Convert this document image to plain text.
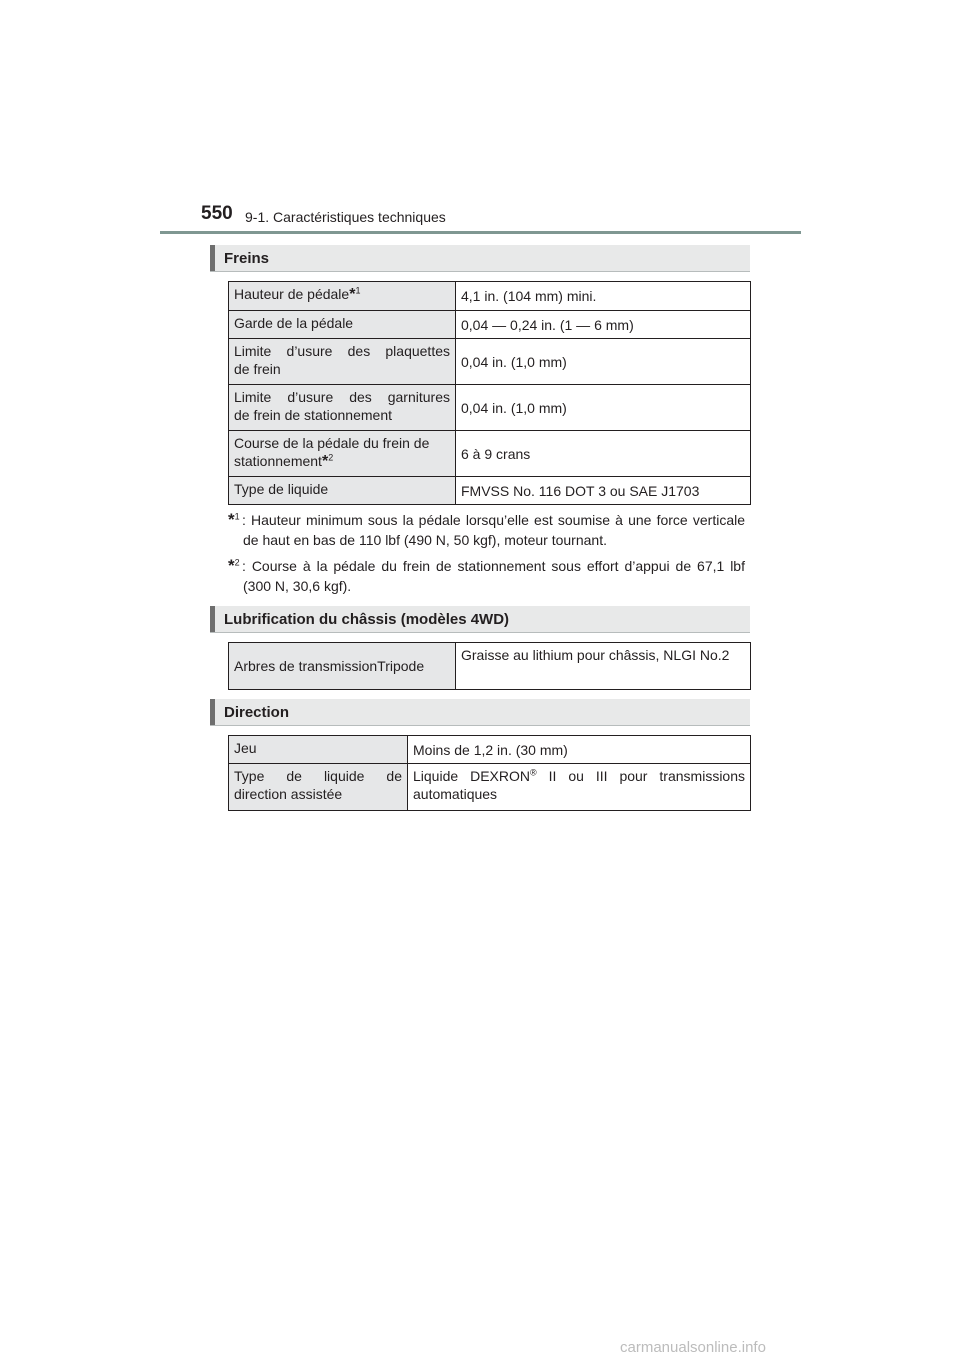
550 9-1. Caractéristiques techniques
Freins
Hauteur de pédale*$^1$	4,1 in. (104 mm) mini.
Garde de la pédale	0,04 — 0,24 in. (1 — 6 mm)

Limite d’usure des plaquettes
de frein	0,04 in. (1,0 mm)

Limite d’usure des garnitures
de frein de stationnement	0,04 in. (1,0 mm)

Course de la pédale du frein de
stationnement*$^2$	6 à 9 crans
Type de liquide	FMVSS No. 116 DOT 3 ou SAE J1703
*$^1$ : Hauteur minimum sous la pédale lorsqu’elle est soumise à une force verticale de haut en bas de 110 lbf (490 N, 50 kgf), moteur tournant.
*$^2$ : Course à la pédale du frein de stationnement sous effort d’appui de 67,1 lbf (300 N, 30,6 kgf).
Lubrification du châssis (modèles 4WD)
Arbres de transmissionTripode	Graisse au lithium pour châssis, NLGI No.2
Direction
Jeu	Moins de 1,2 in. (30 mm)
Type de liquide de direction assistée	Liquide DEXRON® II ou III pour transmissions automatiques
carmanualsonline.info
